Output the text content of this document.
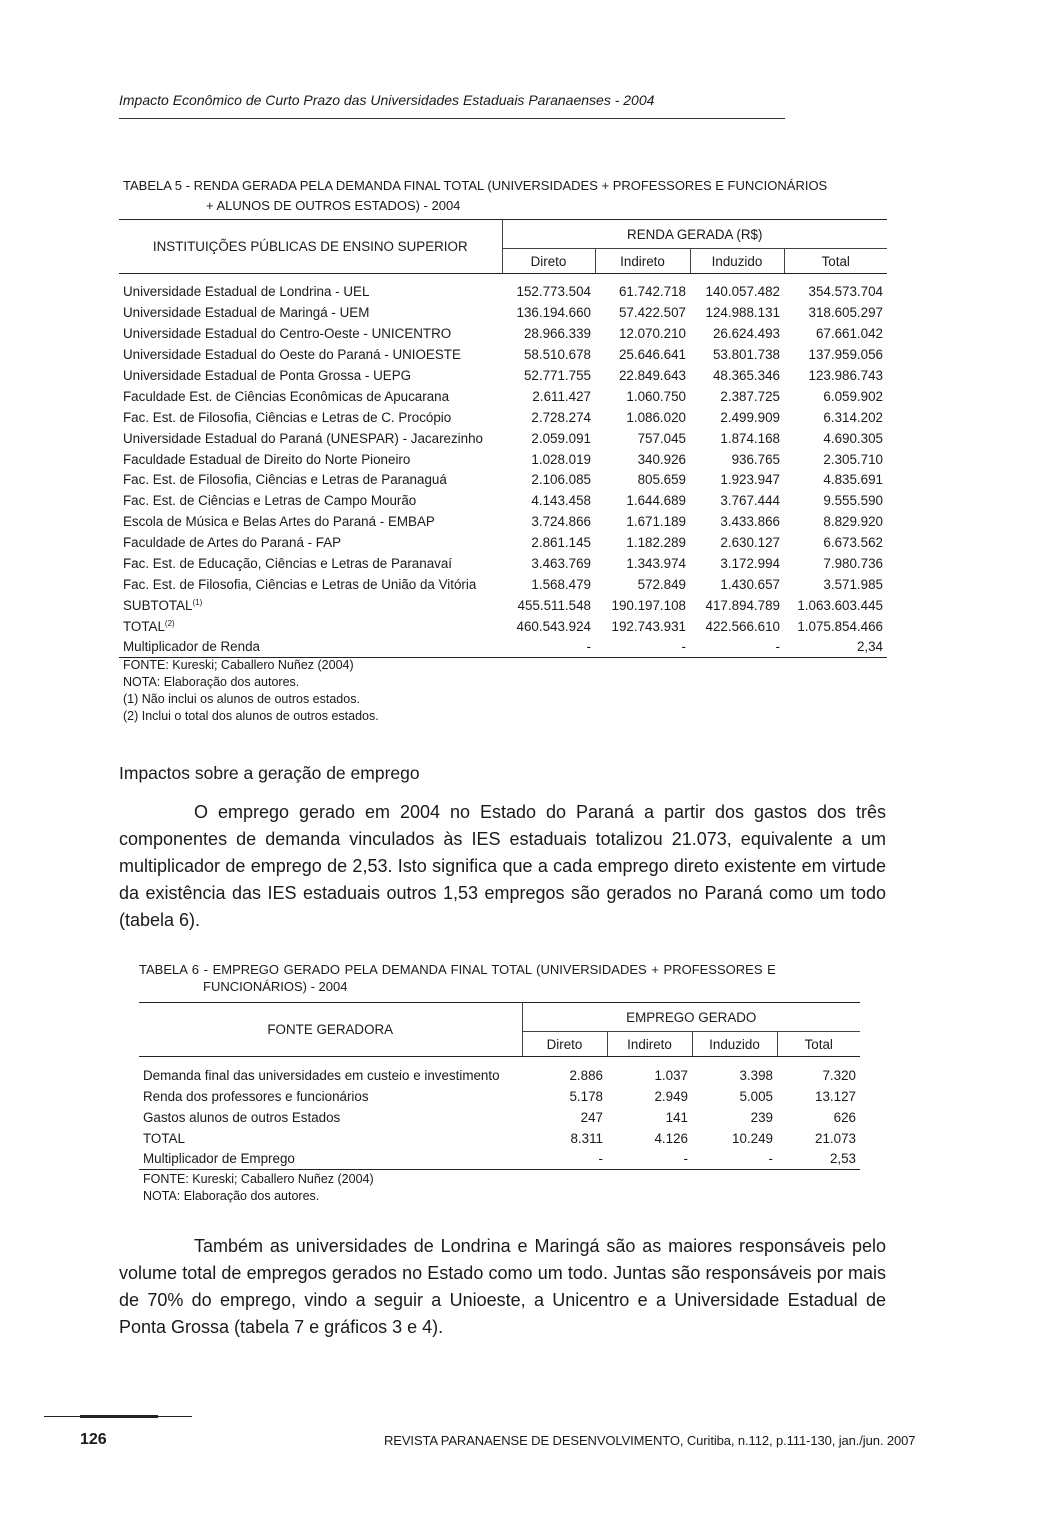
Impacto Econômico de Curto Prazo das Universidades Estaduais Paranaenses - 2004
TABELA 5 - RENDA GERADA PELA DEMANDA FINAL TOTAL (UNIVERSIDADES + PROFESSORES E FUNCIONÁRIOS
+ ALUNOS DE OUTROS ESTADOS) - 2004
INSTITUIÇÕES PÚBLICAS DE ENSINO SUPERIOR	RENDA GERADA (R$)			
	Direto	Indireto	Induzido	Total

Universidade Estadual de Londrina - UEL	152.773.504	61.742.718	140.057.482	354.573.704
Universidade Estadual de Maringá - UEM	136.194.660	57.422.507	124.988.131	318.605.297
Universidade Estadual do Centro-Oeste - UNICENTRO	28.966.339	12.070.210	26.624.493	67.661.042
Universidade Estadual do Oeste do Paraná - UNIOESTE	58.510.678	25.646.641	53.801.738	137.959.056
Universidade Estadual de Ponta Grossa - UEPG	52.771.755	22.849.643	48.365.346	123.986.743
Faculdade Est. de Ciências Econômicas de Apucarana	2.611.427	1.060.750	2.387.725	6.059.902
Fac. Est. de Filosofia, Ciências e Letras de C. Procópio	2.728.274	1.086.020	2.499.909	6.314.202
Universidade Estadual do Paraná (UNESPAR) - Jacarezinho	2.059.091	757.045	1.874.168	4.690.305
Faculdade Estadual de Direito do Norte Pioneiro	1.028.019	340.926	936.765	2.305.710
Fac. Est. de Filosofia, Ciências e Letras de Paranaguá	2.106.085	805.659	1.923.947	4.835.691
Fac. Est. de Ciências e Letras de Campo Mourão	4.143.458	1.644.689	3.767.444	9.555.590
Escola de Música e Belas Artes do Paraná - EMBAP	3.724.866	1.671.189	3.433.866	8.829.920
Faculdade de Artes do Paraná - FAP	2.861.145	1.182.289	2.630.127	6.673.562
Fac. Est. de Educação, Ciências e Letras de Paranavaí	3.463.769	1.343.974	3.172.994	7.980.736
Fac. Est. de Filosofia, Ciências e Letras de União da Vitória	1.568.479	572.849	1.430.657	3.571.985
SUBTOTAL$^{(1)}$	455.511.548	190.197.108	417.894.789	1.063.603.445
TOTAL$^{(2)}$	460.543.924	192.743.931	422.566.610	1.075.854.466
Multiplicador de Renda	-	-	-	2,34
FONTE: Kureski; Caballero Nuñez (2004)
NOTA: Elaboração dos autores.
(1) Não inclui os alunos de outros estados.
(2) Inclui o total dos alunos de outros estados.
Impactos sobre a geração de emprego

O emprego gerado em 2004 no Estado do Paraná a partir dos gastos dos três componentes de demanda vinculados às IES estaduais totalizou 21.073, equivalente a um multiplicador de emprego de 2,53. Isto significa que a cada emprego direto existente em virtude da existência das IES estaduais outros 1,53 empregos são gerados no Paraná como um todo (tabela 6).

TABELA 6 - EMPREGO GERADO PELA DEMANDA FINAL TOTAL (UNIVERSIDADES + PROFESSORES E
FUNCIONÁRIOS) - 2004
FONTE GERADORA	EMPREGO GERADO			
	Direto	Indireto	Induzido	Total

Demanda final das universidades em custeio e investimento	2.886	1.037	3.398	7.320
Renda dos professores e funcionários	5.178	2.949	5.005	13.127
Gastos alunos de outros Estados	247	141	239	626
TOTAL	8.311	4.126	10.249	21.073
Multiplicador de Emprego	-	-	-	2,53
FONTE: Kureski; Caballero Nuñez (2004)
NOTA: Elaboração dos autores.

Também as universidades de Londrina e Maringá são as maiores responsáveis pelo volume total de empregos gerados no Estado como um todo. Juntas são responsáveis por mais de 70% do emprego, vindo a seguir a Unioeste, a Unicentro e a Universidade Estadual de Ponta Grossa (tabela 7 e gráficos 3 e 4).

126	REVISTA PARANAENSE DE DESENVOLVIMENTO, Curitiba, n.112, p.111-130, jan./jun. 2007
